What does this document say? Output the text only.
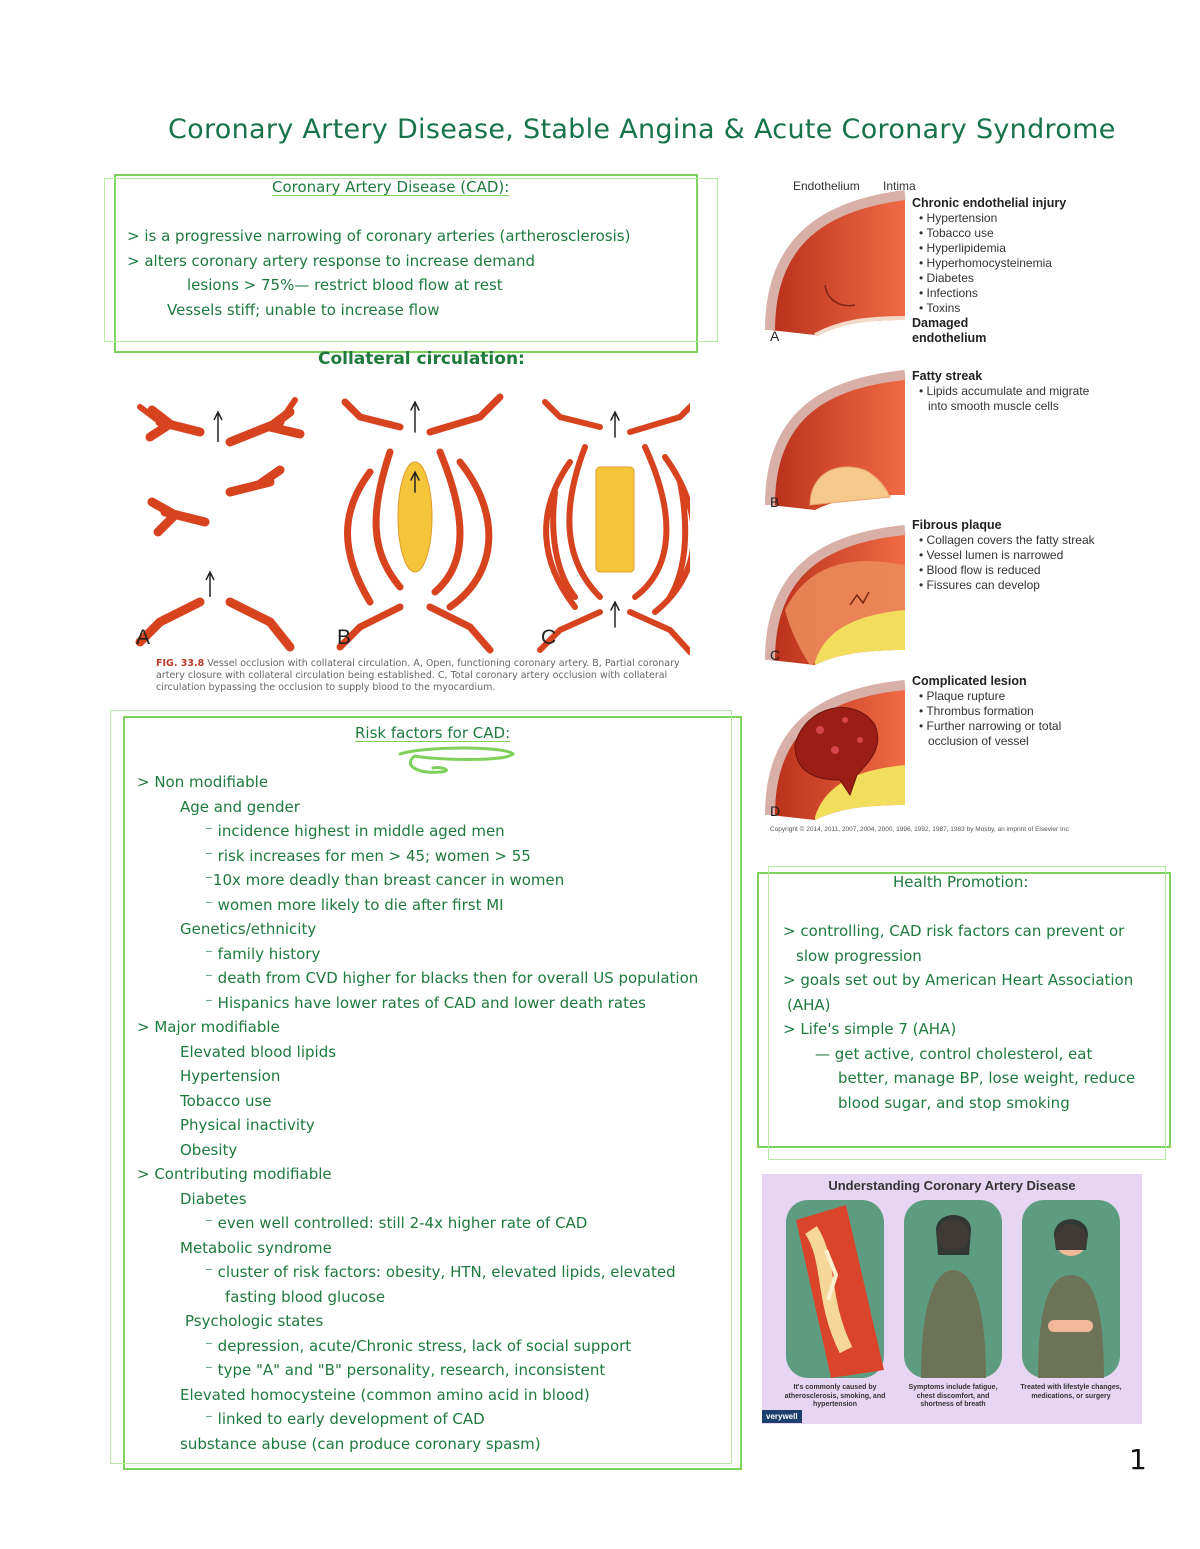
Coronary Artery Disease, Stable Angina & Acute Coronary Syndrome
Coronary Artery Disease (CAD):
> is a progressive narrowing of coronary arteries (artherosclerosis)
> alters coronary artery response to increase demand
lesions > 75%— restrict blood flow at rest
Vessels stiff; unable to increase flow
Collateral circulation:
A	B	C
FIG. 33.8 Vessel occlusion with collateral circulation. A, Open, functioning coronary artery. B, Partial coronary artery closure with collateral circulation being established. C, Total coronary artery occlusion with collateral circulation bypassing the occlusion to supply blood to the myocardium.
A
B
C
D
Endothelium Intima
Chronic endothelial injury
• Hypertension
• Tobacco use
• Hyperlipidemia
• Hyperhomocysteinemia
• Diabetes
• Infections
• Toxins
Damaged
endothelium
Fatty streak
• Lipids accumulate and migrate
into smooth muscle cells
Fibrous plaque
• Collagen covers the fatty streak
• Vessel lumen is narrowed
• Blood flow is reduced
• Fissures can develop
Complicated lesion
• Plaque rupture
• Thrombus formation
• Further narrowing or total
occlusion of vessel
Copyright © 2014, 2011, 2007, 2004, 2000, 1996, 1992, 1987, 1983 by Mosby, an imprint of Elsevier Inc
Risk factors for CAD:
> Non modifiable
Age and gender
⁻ incidence highest in middle aged men
⁻ risk increases for men > 45; women > 55
⁻10x more deadly than breast cancer in women
⁻ women more likely to die after first MI
Genetics/ethnicity
⁻ family history
⁻ death from CVD higher for blacks then for overall US population
⁻ Hispanics have lower rates of CAD and lower death rates
> Major modifiable
Elevated blood lipids
Hypertension
Tobacco use
Physical inactivity
Obesity
> Contributing modifiable
Diabetes
⁻ even well controlled: still 2-4x higher rate of CAD
Metabolic syndrome
⁻ cluster of risk factors: obesity, HTN, elevated lipids, elevated
fasting blood glucose
Psychologic states
⁻ depression, acute/Chronic stress, lack of social support
⁻ type "A" and "B" personality, research, inconsistent
Elevated homocysteine (common amino acid in blood)
⁻ linked to early development of CAD
substance abuse (can produce coronary spasm)
Health Promotion:
> controlling, CAD risk factors can prevent or
slow progression
> goals set out by American Heart Association
(AHA)
> Life's simple 7 (AHA)
— get active, control cholesterol, eat
better, manage BP, lose weight, reduce
blood sugar, and stop smoking
Understanding Coronary Artery Disease
It's commonly caused by atherosclerosis, smoking, and hypertension
Symptoms include fatigue, chest discomfort, and shortness of breath
Treated with lifestyle changes, medications, or surgery
verywell
1
